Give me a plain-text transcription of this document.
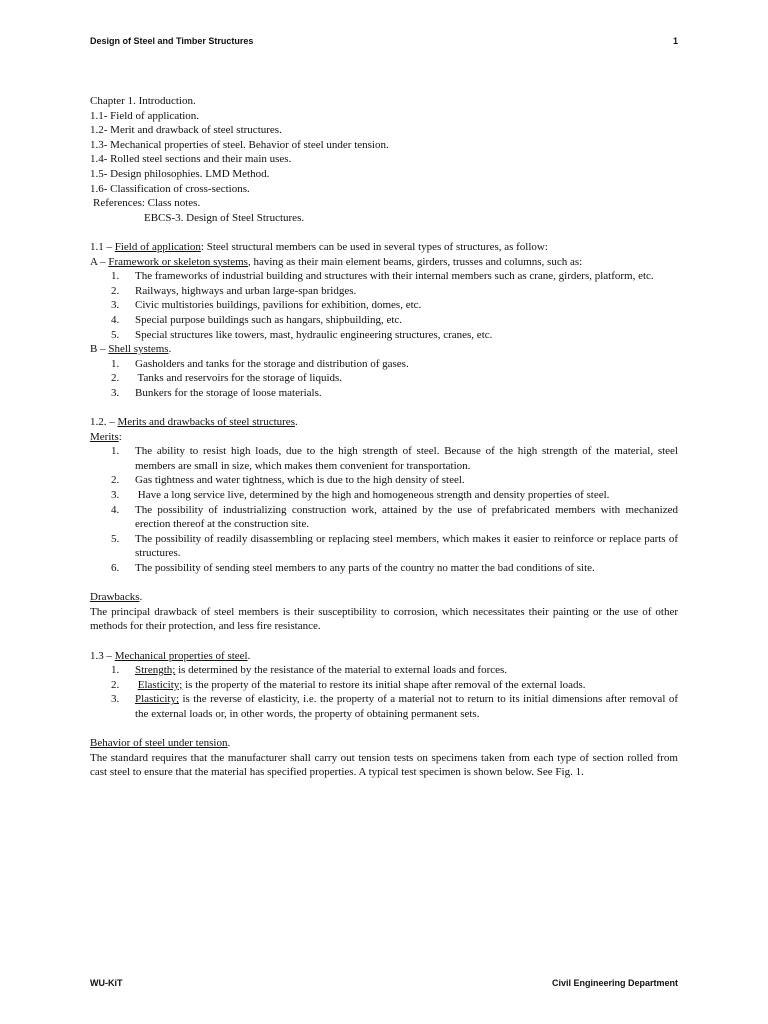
Design of Steel and Timber Structures	1

Chapter 1. Introduction.

1.1- Field of application.

1.2- Merit and drawback of steel structures.

1.3- Mechanical properties of steel. Behavior of steel under tension.

1.4- Rolled steel sections and their main uses.

1.5- Design philosophies. LMD Method.

1.6- Classification of cross-sections.

References: Class notes.

EBCS-3. Design of Steel Structures.

1.1 – Field of application: Steel structural members can be used in several types of structures, as follow:

A – Framework or skeleton systems, having as their main element beams, girders, trusses and columns, such as:

1. The frameworks of industrial building and structures with their internal members such as crane, girders, platform, etc.
2. Railways, highways and urban large-span bridges.
3. Civic multistories buildings, pavilions for exhibition, domes, etc.
4. Special purpose buildings such as hangars, shipbuilding, etc.
5. Special structures like towers, mast, hydraulic engineering structures, cranes, etc.

B – Shell systems.

1. Gasholders and tanks for the storage and distribution of gases.
2. Tanks and reservoirs for the storage of liquids.
3. Bunkers for the storage of loose materials.

1.2. – Merits and drawbacks of steel structures.

Merits:

1. The ability to resist high loads, due to the high strength of steel. Because of the high strength of the material, steel members are small in size, which makes them convenient for transportation.
2. Gas tightness and water tightness, which is due to the high density of steel.
3. Have a long service live, determined by the high and homogeneous strength and density properties of steel.
4. The possibility of industrializing construction work, attained by the use of prefabricated members with mechanized erection thereof at the construction site.
5. The possibility of readily disassembling or replacing steel members, which makes it easier to reinforce or replace parts of structures.
6. The possibility of sending steel members to any parts of the country no matter the bad conditions of site.

Drawbacks.

The principal drawback of steel members is their susceptibility to corrosion, which necessitates their painting or the use of other methods for their protection, and less fire resistance.

1.3 – Mechanical properties of steel.

1. Strength; is determined by the resistance of the material to external loads and forces.
2. Elasticity; is the property of the material to restore its initial shape after removal of the external loads.
3. Plasticity; is the reverse of elasticity, i.e. the property of a material not to return to its initial dimensions after removal of the external loads or, in other words, the property of obtaining permanent sets.

Behavior of steel under tension.

The standard requires that the manufacturer shall carry out tension tests on specimens taken from each type of section rolled from cast steel to ensure that the material has specified properties. A typical test specimen is shown below. See Fig. 1.

WU-KiT	Civil Engineering Department
